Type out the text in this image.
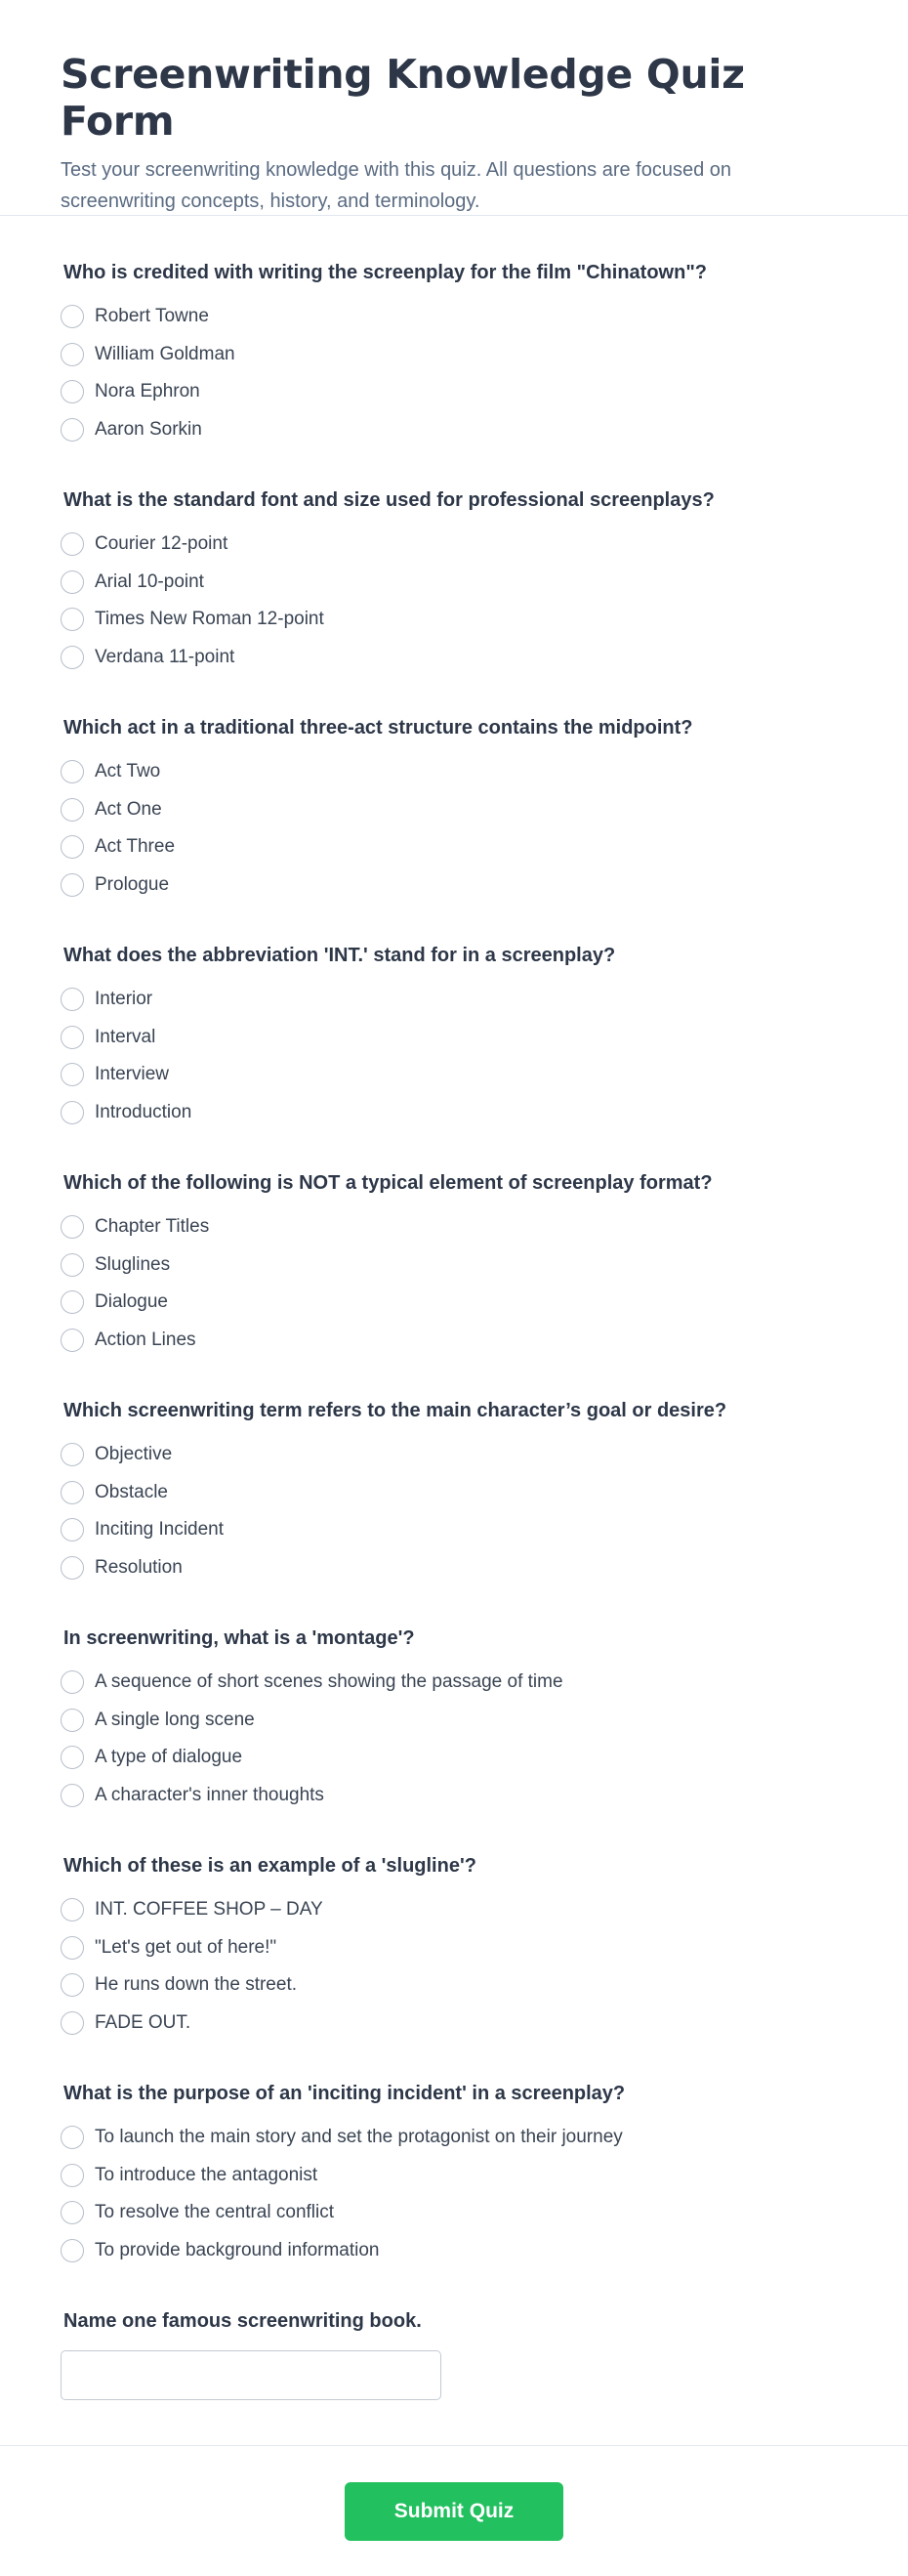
Screenwriting Knowledge Quiz Form

Test your screenwriting knowledge with this quiz. All questions are focused on screenwriting concepts, history, and terminology.

Who is credited with writing the screenplay for the film "Chinatown"?
Robert Towne
William Goldman
Nora Ephron
Aaron Sorkin
What is the standard font and size used for professional screenplays?
Courier 12-point
Arial 10-point
Times New Roman 12-point
Verdana 11-point
Which act in a traditional three-act structure contains the midpoint?
Act Two
Act One
Act Three
Prologue
What does the abbreviation 'INT.' stand for in a screenplay?
Interior
Interval
Interview
Introduction
Which of the following is NOT a typical element of screenplay format?
Chapter Titles
Sluglines
Dialogue
Action Lines
Which screenwriting term refers to the main character’s goal or desire?
Objective
Obstacle
Inciting Incident
Resolution
In screenwriting, what is a 'montage'?
A sequence of short scenes showing the passage of time
A single long scene
A type of dialogue
A character's inner thoughts
Which of these is an example of a 'slugline'?
INT. COFFEE SHOP – DAY
"Let's get out of here!"
He runs down the street.
FADE OUT.
What is the purpose of an 'inciting incident' in a screenplay?
To launch the main story and set the protagonist on their journey
To introduce the antagonist
To resolve the central conflict
To provide background information
Name one famous screenwriting book.
Submit Quiz
